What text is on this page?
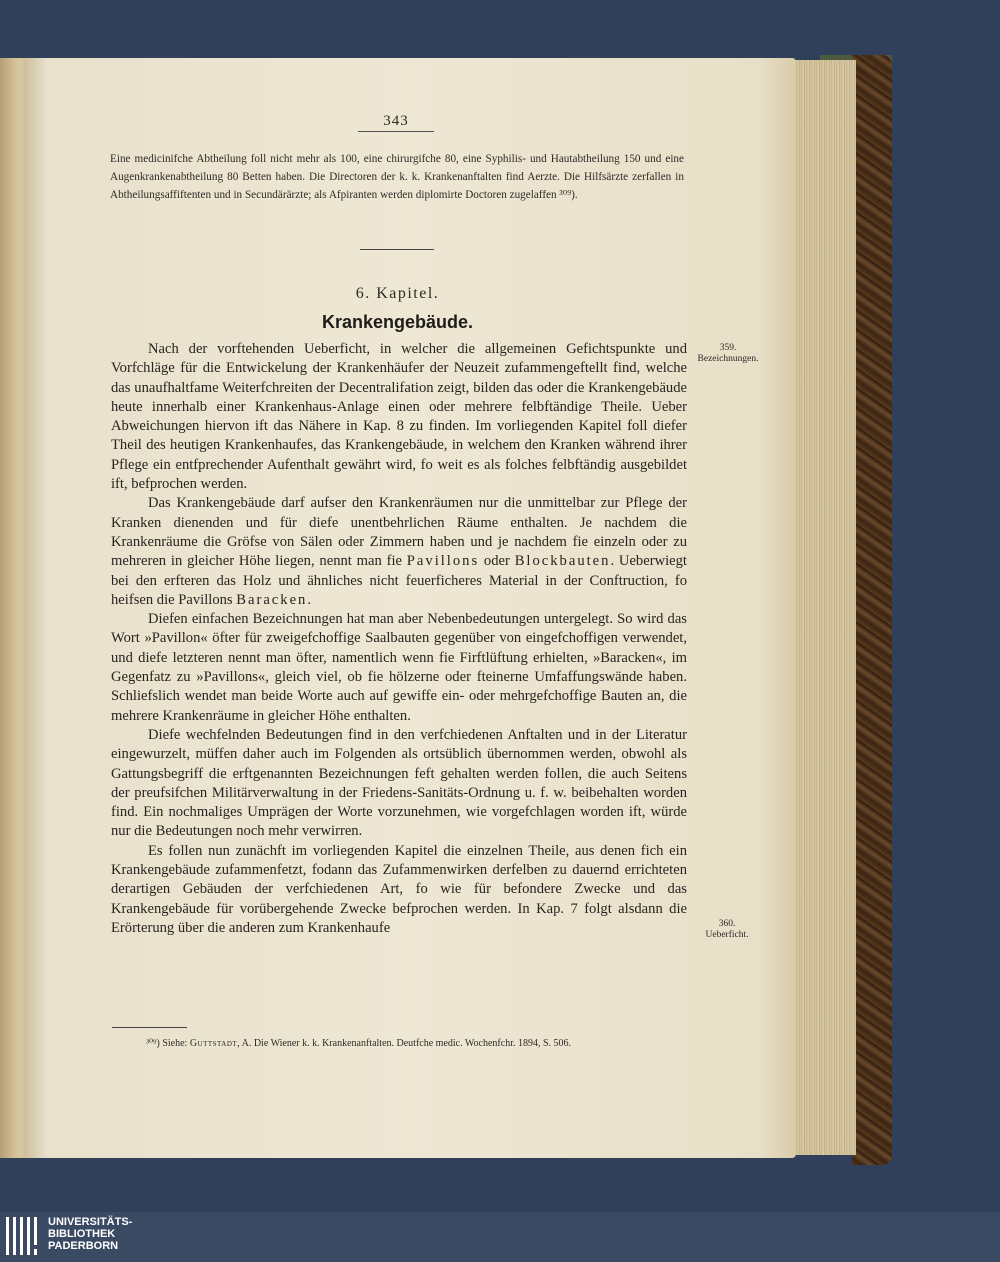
343
Eine medicinifche Abtheilung foll nicht mehr als 100, eine chirurgifche 80, eine Syphilis- und Hautabtheilung 150 und eine Augenkrankenabtheilung 80 Betten haben. Die Directoren der k. k. Krankenanftalten find Aerzte. Die Hilfsärzte zerfallen in Abtheilungsaffiftenten und in Secundärärzte; als Afpiranten werden diplomirte Doctoren zugelaffen ³⁰⁹).
6. Kapitel.
Krankengebäude.

Nach der vorftehenden Ueberficht, in welcher die allgemeinen Gefichtspunkte und Vorfchläge für die Entwickelung der Krankenhäufer der Neuzeit zufammengeftellt find, welche das unaufhaltfame Weiterfchreiten der Decentralifation zeigt, bilden das oder die Krankengebäude heute innerhalb einer Krankenhaus-Anlage einen oder mehrere felbftändige Theile. Ueber Abweichungen hiervon ift das Nähere in Kap. 8 zu finden. Im vorliegenden Kapitel foll diefer Theil des heutigen Krankenhaufes, das Krankengebäude, in welchem den Kranken während ihrer Pflege ein entfprechender Aufenthalt gewährt wird, fo weit es als folches felbftändig ausgebildet ift, befprochen werden.

Das Krankengebäude darf aufser den Krankenräumen nur die unmittelbar zur Pflege der Kranken dienenden und für diefe unentbehrlichen Räume enthalten. Je nachdem die Krankenräume die Gröfse von Sälen oder Zimmern haben und je nachdem fie einzeln oder zu mehreren in gleicher Höhe liegen, nennt man fie Pavillons oder Blockbauten. Ueberwiegt bei den erfteren das Holz und ähnliches nicht feuerficheres Material in der Conftruction, fo heifsen die Pavillons Baracken.

Diefen einfachen Bezeichnungen hat man aber Nebenbedeutungen untergelegt. So wird das Wort »Pavillon« öfter für zweigefchoffige Saalbauten gegenüber von eingefchoffigen verwendet, und diefe letzteren nennt man öfter, namentlich wenn fie Firftlüftung erhielten, »Baracken«, im Gegenfatz zu »Pavillons«, gleich viel, ob fie hölzerne oder fteinerne Umfaffungswände haben. Schliefslich wendet man beide Worte auch auf gewiffe ein- oder mehrgefchoffige Bauten an, die mehrere Krankenräume in gleicher Höhe enthalten.

Diefe wechfelnden Bedeutungen find in den verfchiedenen Anftalten und in der Literatur eingewurzelt, müffen daher auch im Folgenden als ortsüblich übernommen werden, obwohl als Gattungsbegriff die erftgenannten Bezeichnungen feft gehalten werden follen, die auch Seitens der preufsifchen Militärverwaltung in der Friedens-Sanitäts-Ordnung u. f. w. beibehalten worden find. Ein nochmaliges Umprägen der Worte vorzunehmen, wie vorgefchlagen worden ift, würde nur die Bedeutungen noch mehr verwirren.

Es follen nun zunächft im vorliegenden Kapitel die einzelnen Theile, aus denen fich ein Krankengebäude zufammenfetzt, fodann das Zufammenwirken derfelben zu dauernd errichteten derartigen Gebäuden der verfchiedenen Art, fo wie für befondere Zwecke und das Krankengebäude für vorübergehende Zwecke befprochen werden. In Kap. 7 folgt alsdann die Erörterung über die anderen zum Krankenhaufe

359.
Bezeichnungen.
360.
Ueberficht.
³⁰⁹) Siehe: Guttstadt, A. Die Wiener k. k. Krankenanftalten. Deutfche medic. Wochenfchr. 1894, S. 506.
UNIVERSITÄTS-
BIBLIOTHEK
PADERBORN
